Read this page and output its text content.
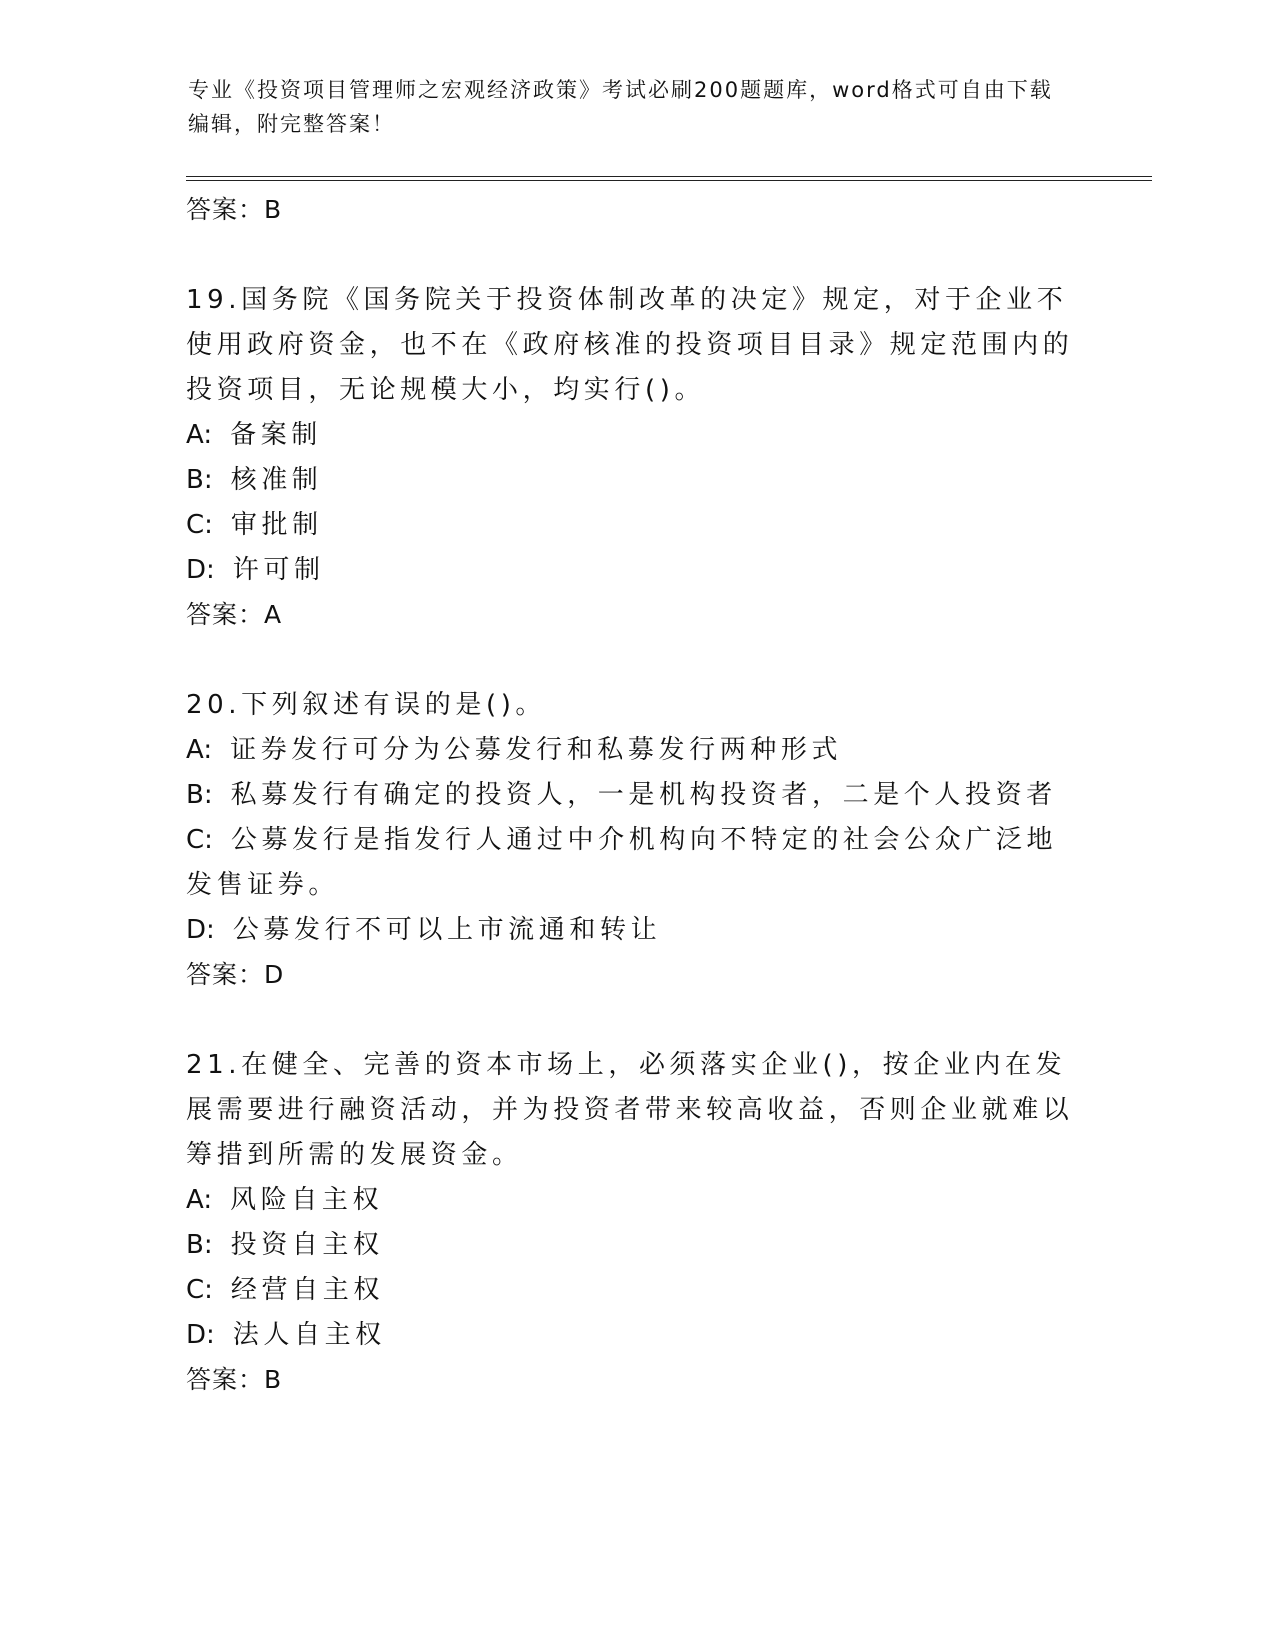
专业《投资项目管理师之宏观经济政策》考试必刷200题题库，word格式可自由下载编辑，附完整答案！

答案：B

19.国务院《国务院关于投资体制改革的决定》规定，对于企业不使用政府资金，也不在《政府核准的投资项目目录》规定范围内的投资项目，无论规模大小，均实行()。

A: 备案制

B: 核准制

C: 审批制

D: 许可制

答案：A

20.下列叙述有误的是()。

A: 证券发行可分为公募发行和私募发行两种形式

B: 私募发行有确定的投资人，一是机构投资者，二是个人投资者

C: 公募发行是指发行人通过中介机构向不特定的社会公众广泛地发售证券。

D: 公募发行不可以上市流通和转让

答案：D

21.在健全、完善的资本市场上，必须落实企业()，按企业内在发展需要进行融资活动，并为投资者带来较高收益，否则企业就难以筹措到所需的发展资金。

A: 风险自主权

B: 投资自主权

C: 经营自主权

D: 法人自主权

答案：B
